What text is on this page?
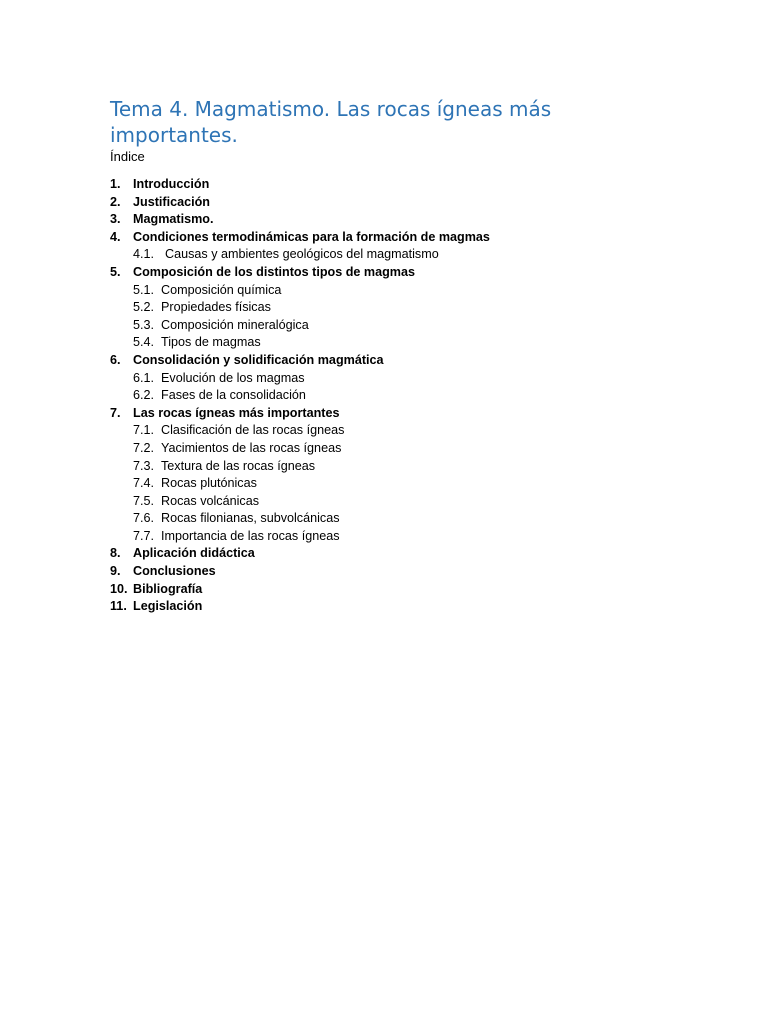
Tema 4. Magmatismo. Las rocas ígneas más importantes.
Índice
1. Introducción
2. Justificación
3. Magmatismo.
4. Condiciones termodinámicas para la formación de magmas
4.1. Causas y ambientes geológicos del magmatismo
5. Composición de los distintos tipos de magmas
5.1. Composición química
5.2. Propiedades físicas
5.3. Composición mineralógica
5.4. Tipos de magmas
6. Consolidación y solidificación magmática
6.1. Evolución de los magmas
6.2. Fases de la consolidación
7. Las rocas ígneas más importantes
7.1. Clasificación de las rocas ígneas
7.2. Yacimientos de las rocas ígneas
7.3. Textura de las rocas ígneas
7.4. Rocas plutónicas
7.5. Rocas volcánicas
7.6. Rocas filonianas, subvolcánicas
7.7. Importancia de las rocas ígneas
8. Aplicación didáctica
9. Conclusiones
10. Bibliografía
11. Legislación
